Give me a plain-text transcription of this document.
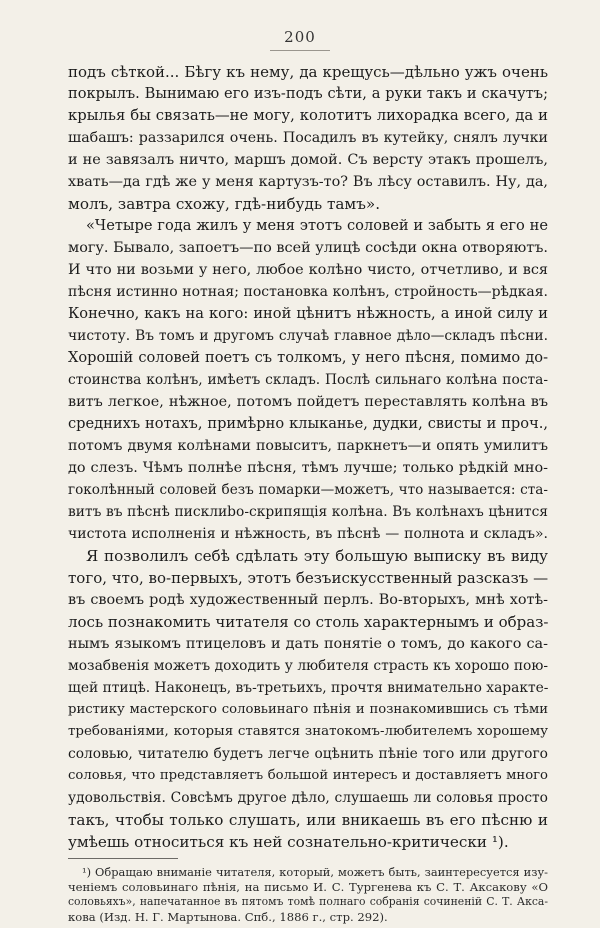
200
подъ сѣткой... Бѣгу къ нему, да крещусь—дѣльно ужъ очень
покрылъ. Вынимаю его изъ-подъ сѣти, а руки такъ и скачутъ;
крылья бы связать—не могу, колотитъ лихорадка всего, да и
шабашъ: раззарился очень. Посадилъ въ кутейку, снялъ лучки
и не завязалъ ничто, маршъ домой. Съ версту этакъ прошелъ,
хвать—да гдѣ же у меня картузъ-то? Въ лѣсу оставилъ. Ну, да,
молъ, завтра схожу, гдѣ-нибудь тамъ».
«Четыре года жилъ у меня этотъ соловей и забыть я его не
могу. Бывало, запоетъ—по всей улицѣ сосѣди окна отворяютъ.
И что ни возьми у него, любое колѣно чисто, отчетливо, и вся
пѣсня истинно нотная; постановка колѣнъ, стройность—рѣдкая.
Конечно, какъ на кого: иной цѣнитъ нѣжность, а иной силу и
чистоту. Въ томъ и другомъ случаѣ главное дѣло—складъ пѣсни.
Хорошій соловей поетъ съ толкомъ, у него пѣсня, помимо до-
стоинства колѣнъ, имѣетъ складъ. Послѣ сильнаго колѣна поста-
витъ легкое, нѣжное, потомъ пойдетъ переставлять колѣна въ
среднихъ нотахъ, примѣрно клыканье, дудки, свисты и проч.,
потомъ двумя колѣнами повыситъ, паркнетъ—и опять умилитъ
до слезъ. Чѣмъ полнѣе пѣсня, тѣмъ лучше; только рѣдкій мно-
гоколѣнный соловей безъ помарки—можетъ, что называется: ста-
витъ въ пѣснѣ писклиbо-скрипящія колѣна. Въ колѣнахъ цѣнится
чистота исполненія и нѣжность, въ пѣснѣ — полнота и складъ».
Я позволилъ себѣ сдѣлать эту большую выписку въ виду
того, что, во-первыхъ, этотъ безъискусственный разсказъ —
въ своемъ родѣ художественный перлъ. Во-вторыхъ, мнѣ хотѣ-
лось познакомить читателя со столь характернымъ и образ-
нымъ языкомъ птицеловъ и дать понятіе о томъ, до какого са-
мозабвенія можетъ доходить у любителя страсть къ хорошо пою-
щей птицѣ. Наконецъ, въ-третьихъ, прочтя внимательно характе-
ристику мастерского соловьинаго пѣнія и познакомившись съ тѣми
требованіями, которыя ставятся знатокомъ-любителемъ хорошему
соловью, читателю будетъ легче оцѣнить пѣніе того или другого
соловья, что представляетъ большой интересъ и доставляетъ много
удовольствія. Совсѣмъ другое дѣло, слушаешь ли соловья просто
такъ, чтобы только слушать, или вникаешь въ его пѣсню и
умѣешь относиться къ ней сознательно-критически ¹).
¹) Обращаю вниманіе читателя, который, можетъ быть, заинтересуется изу-
ченіемъ соловьинаго пѣнія, на письмо И. С. Тургенева къ С. Т. Аксакову «О
соловьяхъ», напечатанное въ пятомъ томѣ полнаго собранія сочиненій С. Т. Акса-
кова (Изд. Н. Г. Мартынова. Спб., 1886 г., стр. 292).
